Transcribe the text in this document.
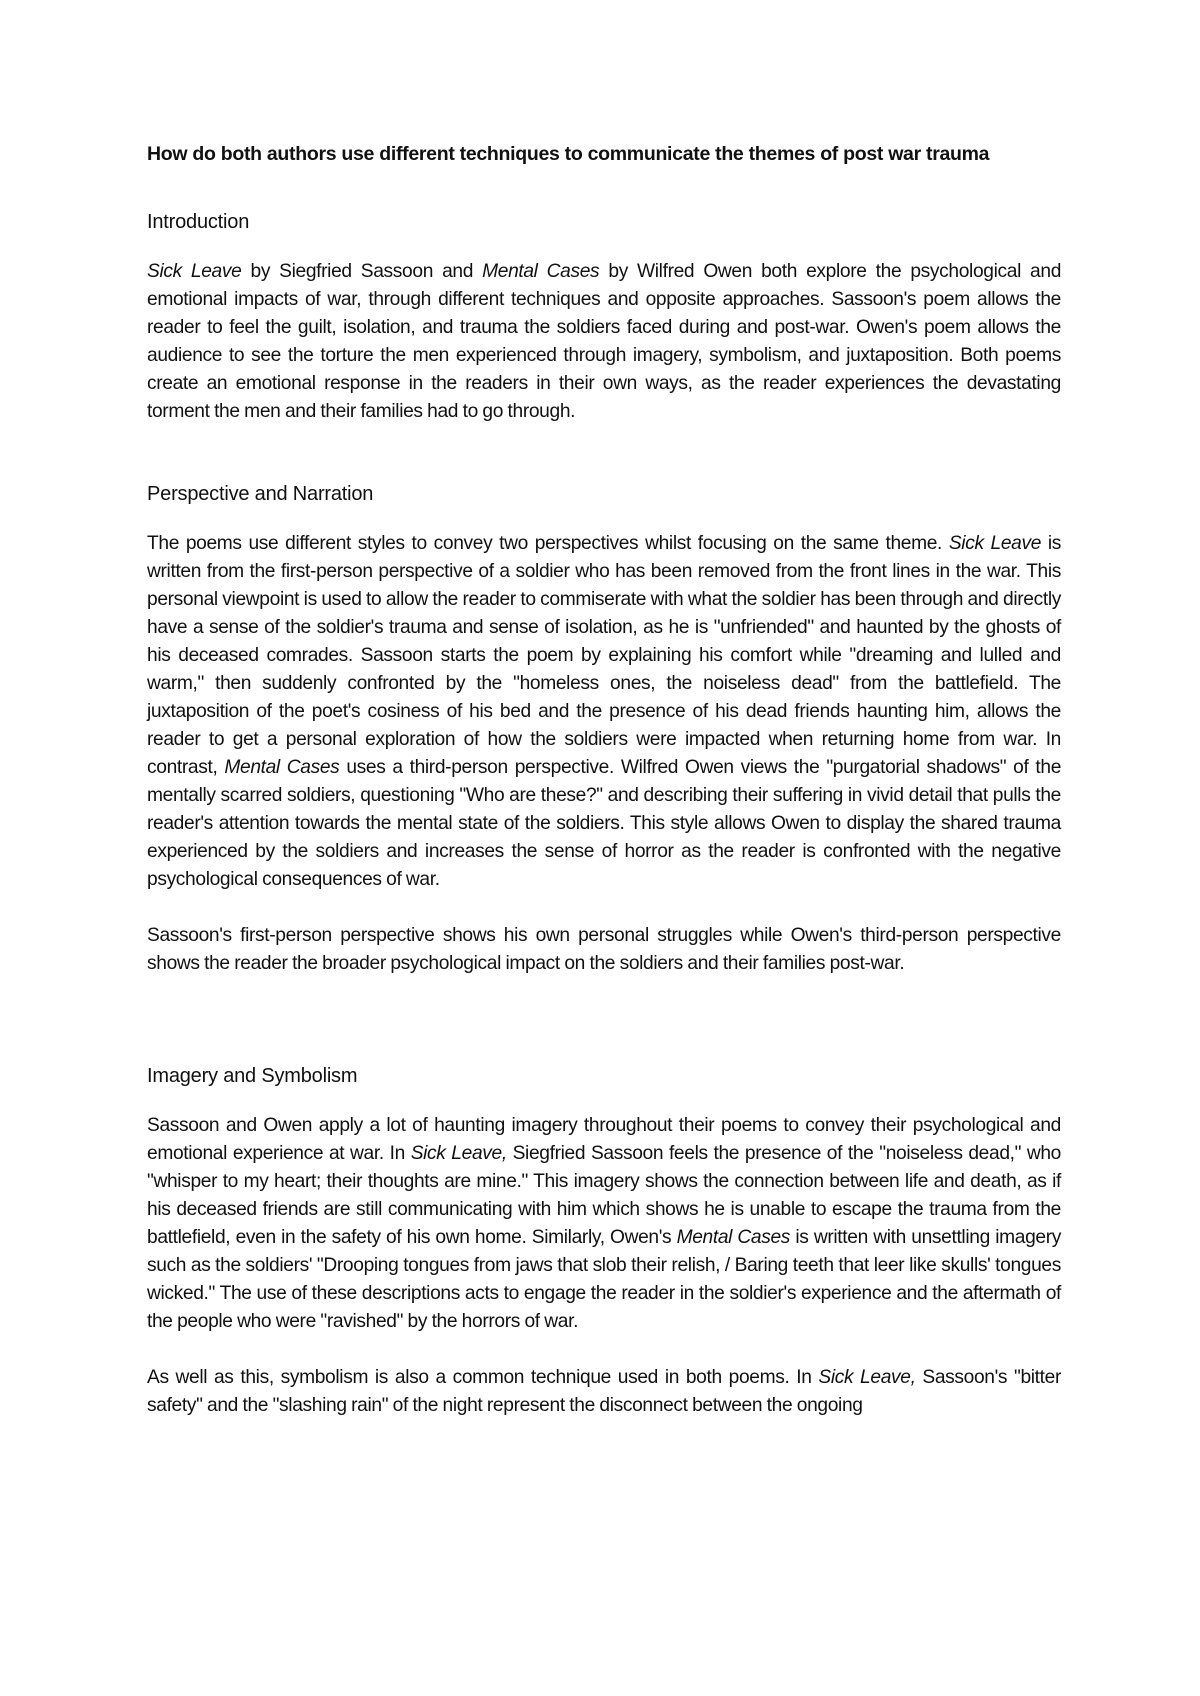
How do both authors use different techniques to communicate the themes of post war trauma
Introduction

Sick Leave by Siegfried Sassoon and Mental Cases by Wilfred Owen both explore the psychological and emotional impacts of war, through different techniques and opposite approaches. Sassoon's poem allows the reader to feel the guilt, isolation, and trauma the soldiers faced during and post-war. Owen's poem allows the audience to see the torture the men experienced through imagery, symbolism, and juxtaposition. Both poems create an emotional response in the readers in their own ways, as the reader experiences the devastating torment the men and their families had to go through.

Perspective and Narration

The poems use different styles to convey two perspectives whilst focusing on the same theme. Sick Leave is written from the first-person perspective of a soldier who has been removed from the front lines in the war. This personal viewpoint is used to allow the reader to commiserate with what the soldier has been through and directly have a sense of the soldier's trauma and sense of isolation, as he is "unfriended" and haunted by the ghosts of his deceased comrades. Sassoon starts the poem by explaining his comfort while "dreaming and lulled and warm," then suddenly confronted by the "homeless ones, the noiseless dead" from the battlefield. The juxtaposition of the poet's cosiness of his bed and the presence of his dead friends haunting him, allows the reader to get a personal exploration of how the soldiers were impacted when returning home from war. In contrast, Mental Cases uses a third-person perspective. Wilfred Owen views the "purgatorial shadows" of the mentally scarred soldiers, questioning "Who are these?" and describing their suffering in vivid detail that pulls the reader's attention towards the mental state of the soldiers. This style allows Owen to display the shared trauma experienced by the soldiers and increases the sense of horror as the reader is confronted with the negative psychological consequences of war.

Sassoon's first-person perspective shows his own personal struggles while Owen's third-person perspective shows the reader the broader psychological impact on the soldiers and their families post-war.

Imagery and Symbolism

Sassoon and Owen apply a lot of haunting imagery throughout their poems to convey their psychological and emotional experience at war. In Sick Leave, Siegfried Sassoon feels the presence of the "noiseless dead," who "whisper to my heart; their thoughts are mine." This imagery shows the connection between life and death, as if his deceased friends are still communicating with him which shows he is unable to escape the trauma from the battlefield, even in the safety of his own home. Similarly, Owen's Mental Cases is written with unsettling imagery such as the soldiers' "Drooping tongues from jaws that slob their relish, / Baring teeth that leer like skulls' tongues wicked." The use of these descriptions acts to engage the reader in the soldier's experience and the aftermath of the people who were "ravished" by the horrors of war.

As well as this, symbolism is also a common technique used in both poems. In Sick Leave, Sassoon's "bitter safety" and the "slashing rain" of the night represent the disconnect between the ongoing
